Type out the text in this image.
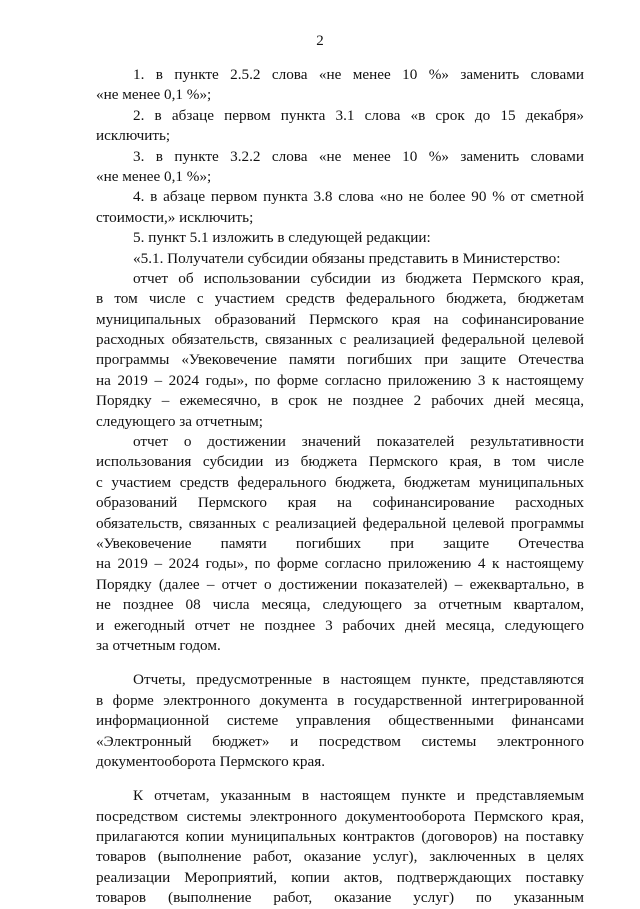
2
1. в пункте 2.5.2 слова «не менее 10 %» заменить словами
«не менее 0,1 %»;
2. в абзаце первом пункта 3.1 слова «в срок до 15 декабря»
исключить;
3. в пункте 3.2.2 слова «не менее 10 %» заменить словами
«не менее 0,1 %»;
4. в абзаце первом пункта 3.8 слова «но не более 90 % от сметной
стоимости,» исключить;
5. пункт 5.1 изложить в следующей редакции:
«5.1. Получатели субсидии обязаны представить в Министерство:
отчет об использовании субсидии из бюджета Пермского края,
в том числе с участием средств федерального бюджета, бюджетам
муниципальных образований Пермского края на софинансирование
расходных обязательств, связанных с реализацией федеральной целевой
программы «Увековечение памяти погибших при защите Отечества
на 2019 – 2024 годы», по форме согласно приложению 3 к настоящему
Порядку – ежемесячно, в срок не позднее 2 рабочих дней месяца,
следующего за отчетным;
отчет о достижении значений показателей результативности
использования субсидии из бюджета Пермского края, в том числе
с участием средств федерального бюджета, бюджетам муниципальных
образований Пермского края на софинансирование расходных
обязательств, связанных с реализацией федеральной целевой программы
«Увековечение памяти погибших при защите Отечества
на 2019 – 2024 годы», по форме согласно приложению 4 к настоящему
Порядку (далее – отчет о достижении показателей) – ежеквартально, в
не позднее 08 числа месяца, следующего за отчетным кварталом,
и ежегодный отчет не позднее 3 рабочих дней месяца, следующего
за отчетным годом.
Отчеты, предусмотренные в настоящем пункте, представляются
в форме электронного документа в государственной интегрированной
информационной системе управления общественными финансами
«Электронный бюджет» и посредством системы электронного
документооборота Пермского края.
К отчетам, указанным в настоящем пункте и представляемым
посредством системы электронного документооборота Пермского края,
прилагаются копии муниципальных контрактов (договоров) на поставку
товаров (выполнение работ, оказание услуг), заключенных в целях
реализации Мероприятий, копии актов, подтверждающих поставку
товаров (выполнение работ, оказание услуг) по указанным
